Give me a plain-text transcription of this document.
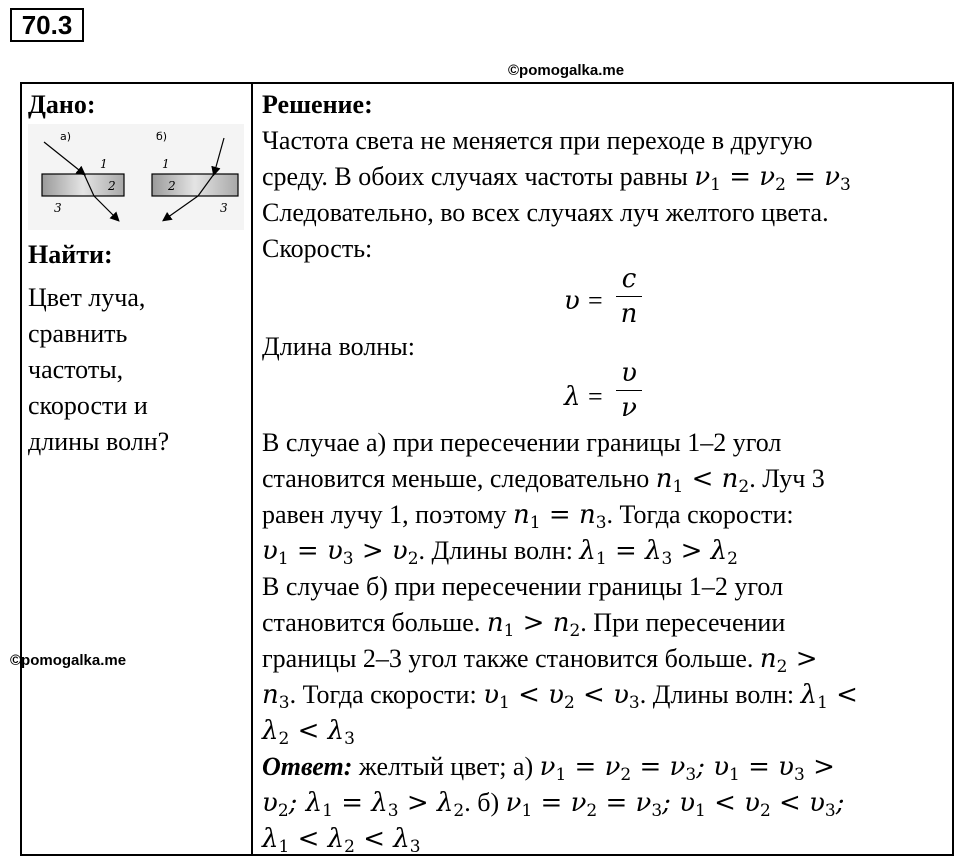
70.3
©pomogalka.me
Дано:
а)	б)
1
2
3
1
2
3
Найти:
Цвет луча,
сравнить
частоты,
скорости и
длины волн?
Решение:
Частота света не меняется при переходе в другую
среду. В обоих случаях частоты равны $\nu_1 = \nu_2 = \nu_3$
Следовательно, во всех случаях луч желтого цвета.
Скорость:
υ =
c
n
Длина волны:
λ =
υ
ν
В случае а) при пересечении границы 1–2 угол
становится меньше, следовательно $n_1 < n_2$. Луч 3
равен лучу 1, поэтому $n_1 = n_3$. Тогда скорости:
$\upsilon_1 = \upsilon_3 > \upsilon_2$. Длины волн: $\lambda_1 = \lambda_3 > \lambda_2$
В случае б) при пересечении границы 1–2 угол
становится больше. $n_1 > n_2$. При пересечении
границы 2–3 угол также становится больше. $n_2$ >
$n_3$. Тогда скорости: $\upsilon_1 < \upsilon_2 < \upsilon_3$. Длины волн: $\lambda_1$ <
$\lambda_2 < \lambda_3$
Ответ: желтый цвет; а) $\nu_1 = \nu_2 = \nu_3$; $\upsilon_1 = \upsilon_3$ >
$\upsilon_2$; $\lambda_1 = \lambda_3 > \lambda_2$. б) $\nu_1 = \nu_2 = \nu_3$; $\upsilon_1 < \upsilon_2 < \upsilon_3$;
$\lambda_1 < \lambda_2 < \lambda_3$
©pomogalka.me
